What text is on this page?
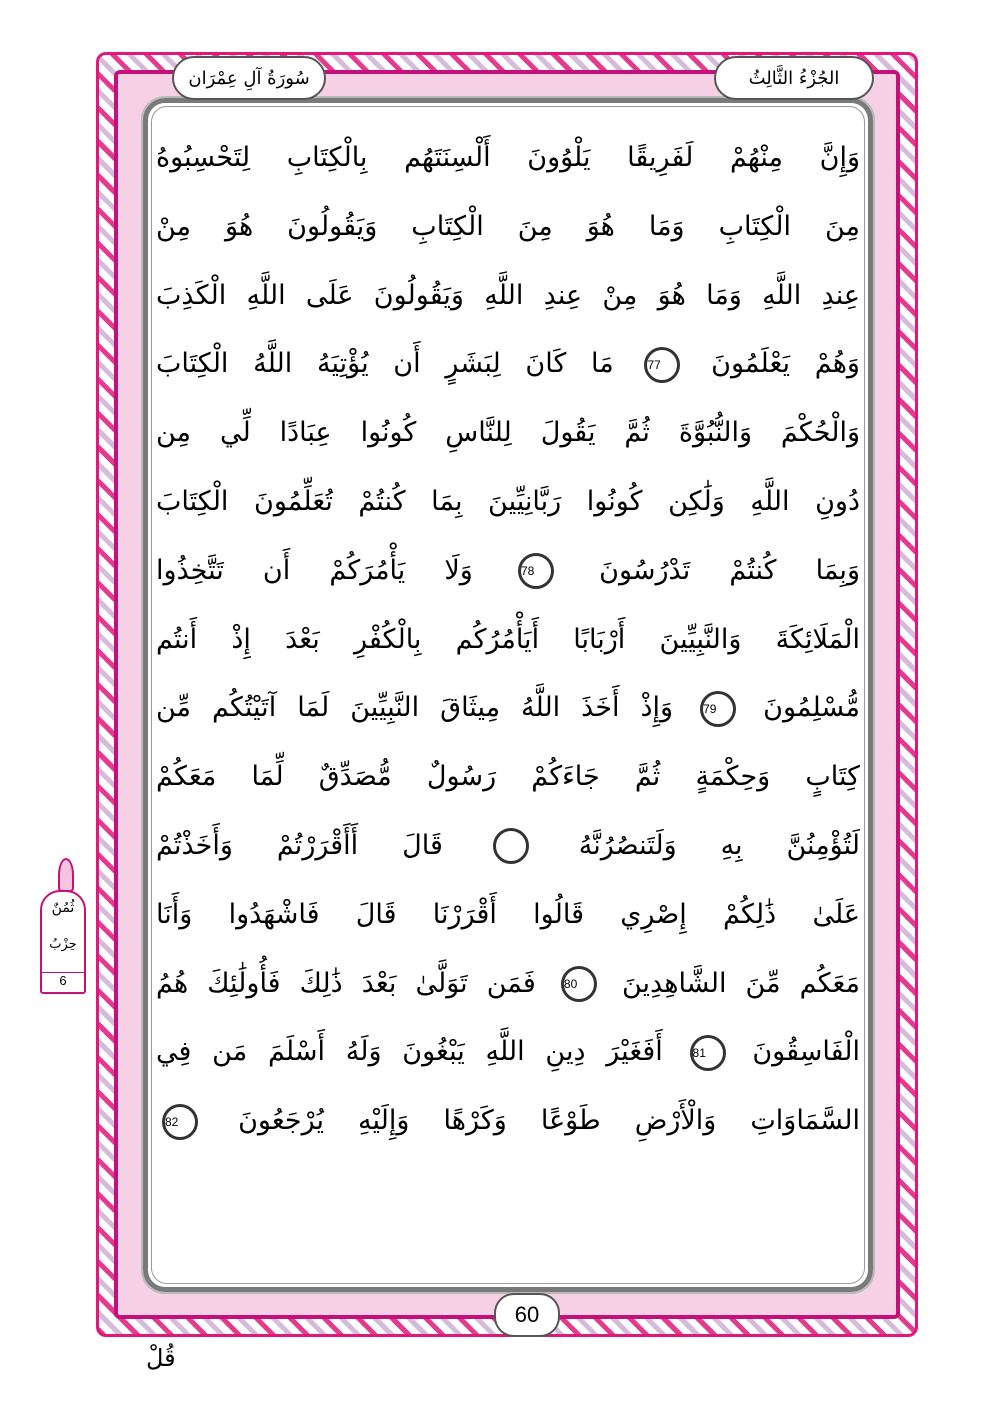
الجُزْءُ الثَّالِثُ
سُورَةُ آلِ عِمْرَان
وَإِنَّ مِنْهُمْ لَفَرِيقًا يَلْوُونَ أَلْسِنَتَهُم بِالْكِتَابِ لِتَحْسِبُوهُ
مِنَ الْكِتَابِ وَمَا هُوَ مِنَ الْكِتَابِ وَيَقُولُونَ هُوَ مِنْ
عِندِ اللَّهِ وَمَا هُوَ مِنْ عِندِ اللَّهِ وَيَقُولُونَ عَلَى اللَّهِ الْكَذِبَ
وَهُمْ يَعْلَمُونَ 77 مَا كَانَ لِبَشَرٍ أَن يُؤْتِيَهُ اللَّهُ الْكِتَابَ
وَالْحُكْمَ وَالنُّبُوَّةَ ثُمَّ يَقُولَ لِلنَّاسِ كُونُوا عِبَادًا لِّي مِن
دُونِ اللَّهِ وَلَٰكِن كُونُوا رَبَّانِيِّينَ بِمَا كُنتُمْ تُعَلِّمُونَ الْكِتَابَ
وَبِمَا كُنتُمْ تَدْرُسُونَ 78 وَلَا يَأْمُرَكُمْ أَن تَتَّخِذُوا
الْمَلَائِكَةَ وَالنَّبِيِّينَ أَرْبَابًا أَيَأْمُرُكُم بِالْكُفْرِ بَعْدَ إِذْ أَنتُم
مُّسْلِمُونَ 79 وَإِذْ أَخَذَ اللَّهُ مِيثَاقَ النَّبِيِّينَ لَمَا آتَيْتُكُم مِّن
كِتَابٍ وَحِكْمَةٍ ثُمَّ جَاءَكُمْ رَسُولٌ مُّصَدِّقٌ لِّمَا مَعَكُمْ
لَتُؤْمِنُنَّ بِهِ وَلَتَنصُرُنَّهُ  قَالَ أَأَقْرَرْتُمْ وَأَخَذْتُمْ
عَلَىٰ ذَٰلِكُمْ إِصْرِي قَالُوا أَقْرَرْنَا قَالَ فَاشْهَدُوا وَأَنَا
مَعَكُم مِّنَ الشَّاهِدِينَ 80 فَمَن تَوَلَّىٰ بَعْدَ ذَٰلِكَ فَأُولَٰئِكَ هُمُ
الْفَاسِقُونَ 81 أَفَغَيْرَ دِينِ اللَّهِ يَبْغُونَ وَلَهُ أَسْلَمَ مَن فِي
السَّمَاوَاتِ وَالْأَرْضِ طَوْعًا وَكَرْهًا وَإِلَيْهِ يُرْجَعُونَ 82
60
ثُمُنٌ
حِزْبُ
6
قُلْ
